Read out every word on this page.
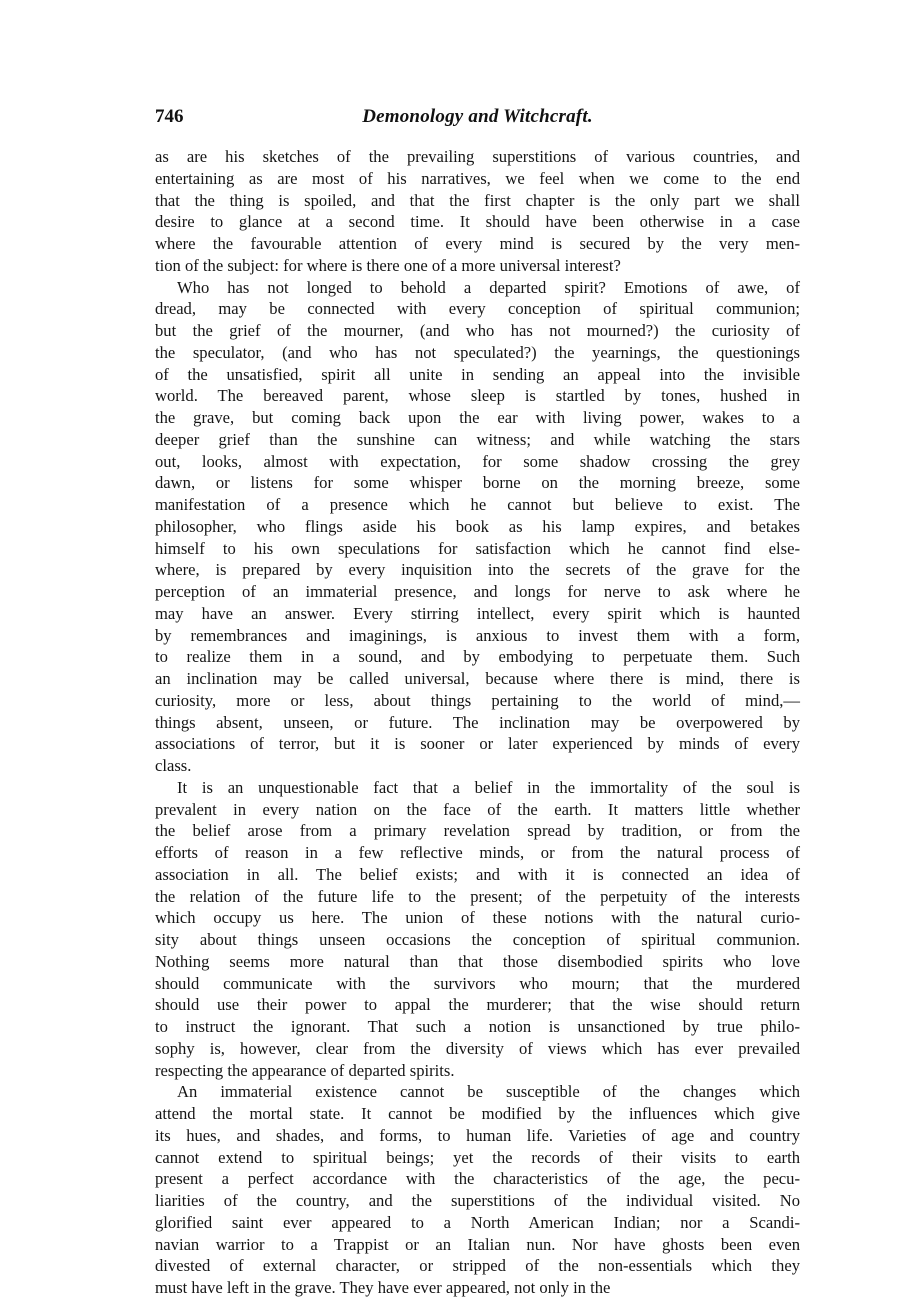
746	Demonology and Witchcraft.
as are his sketches of the prevailing superstitions of various countries, and
entertaining as are most of his narratives, we feel when we come to the end
that the thing is spoiled, and that the first chapter is the only part we shall
desire to glance at a second time. It should have been otherwise in a case
where the favourable attention of every mind is secured by the very men-
tion of the subject: for where is there one of a more universal interest?
Who has not longed to behold a departed spirit? Emotions of awe, of
dread, may be connected with every conception of spiritual communion;
but the grief of the mourner, (and who has not mourned?) the curiosity of
the speculator, (and who has not speculated?) the yearnings, the questionings
of the unsatisfied, spirit all unite in sending an appeal into the invisible
world. The bereaved parent, whose sleep is startled by tones, hushed in
the grave, but coming back upon the ear with living power, wakes to a
deeper grief than the sunshine can witness; and while watching the stars
out, looks, almost with expectation, for some shadow crossing the grey
dawn, or listens for some whisper borne on the morning breeze, some
manifestation of a presence which he cannot but believe to exist. The
philosopher, who flings aside his book as his lamp expires, and betakes
himself to his own speculations for satisfaction which he cannot find else-
where, is prepared by every inquisition into the secrets of the grave for the
perception of an immaterial presence, and longs for nerve to ask where he
may have an answer. Every stirring intellect, every spirit which is haunted
by remembrances and imaginings, is anxious to invest them with a form,
to realize them in a sound, and by embodying to perpetuate them. Such
an inclination may be called universal, because where there is mind, there is
curiosity, more or less, about things pertaining to the world of mind,—
things absent, unseen, or future. The inclination may be overpowered by
associations of terror, but it is sooner or later experienced by minds of every
class.
It is an unquestionable fact that a belief in the immortality of the soul is
prevalent in every nation on the face of the earth. It matters little whether
the belief arose from a primary revelation spread by tradition, or from the
efforts of reason in a few reflective minds, or from the natural process of
association in all. The belief exists; and with it is connected an idea of
the relation of the future life to the present; of the perpetuity of the interests
which occupy us here. The union of these notions with the natural curio-
sity about things unseen occasions the conception of spiritual communion.
Nothing seems more natural than that those disembodied spirits who love
should communicate with the survivors who mourn; that the murdered
should use their power to appal the murderer; that the wise should return
to instruct the ignorant. That such a notion is unsanctioned by true philo-
sophy is, however, clear from the diversity of views which has ever prevailed
respecting the appearance of departed spirits.
An immaterial existence cannot be susceptible of the changes which
attend the mortal state. It cannot be modified by the influences which give
its hues, and shades, and forms, to human life. Varieties of age and country
cannot extend to spiritual beings; yet the records of their visits to earth
present a perfect accordance with the characteristics of the age, the pecu-
liarities of the country, and the superstitions of the individual visited. No
glorified saint ever appeared to a North American Indian; nor a Scandi-
navian warrior to a Trappist or an Italian nun. Nor have ghosts been even
divested of external character, or stripped of the non-essentials which they
must have left in the grave. They have ever appeared, not only in the
